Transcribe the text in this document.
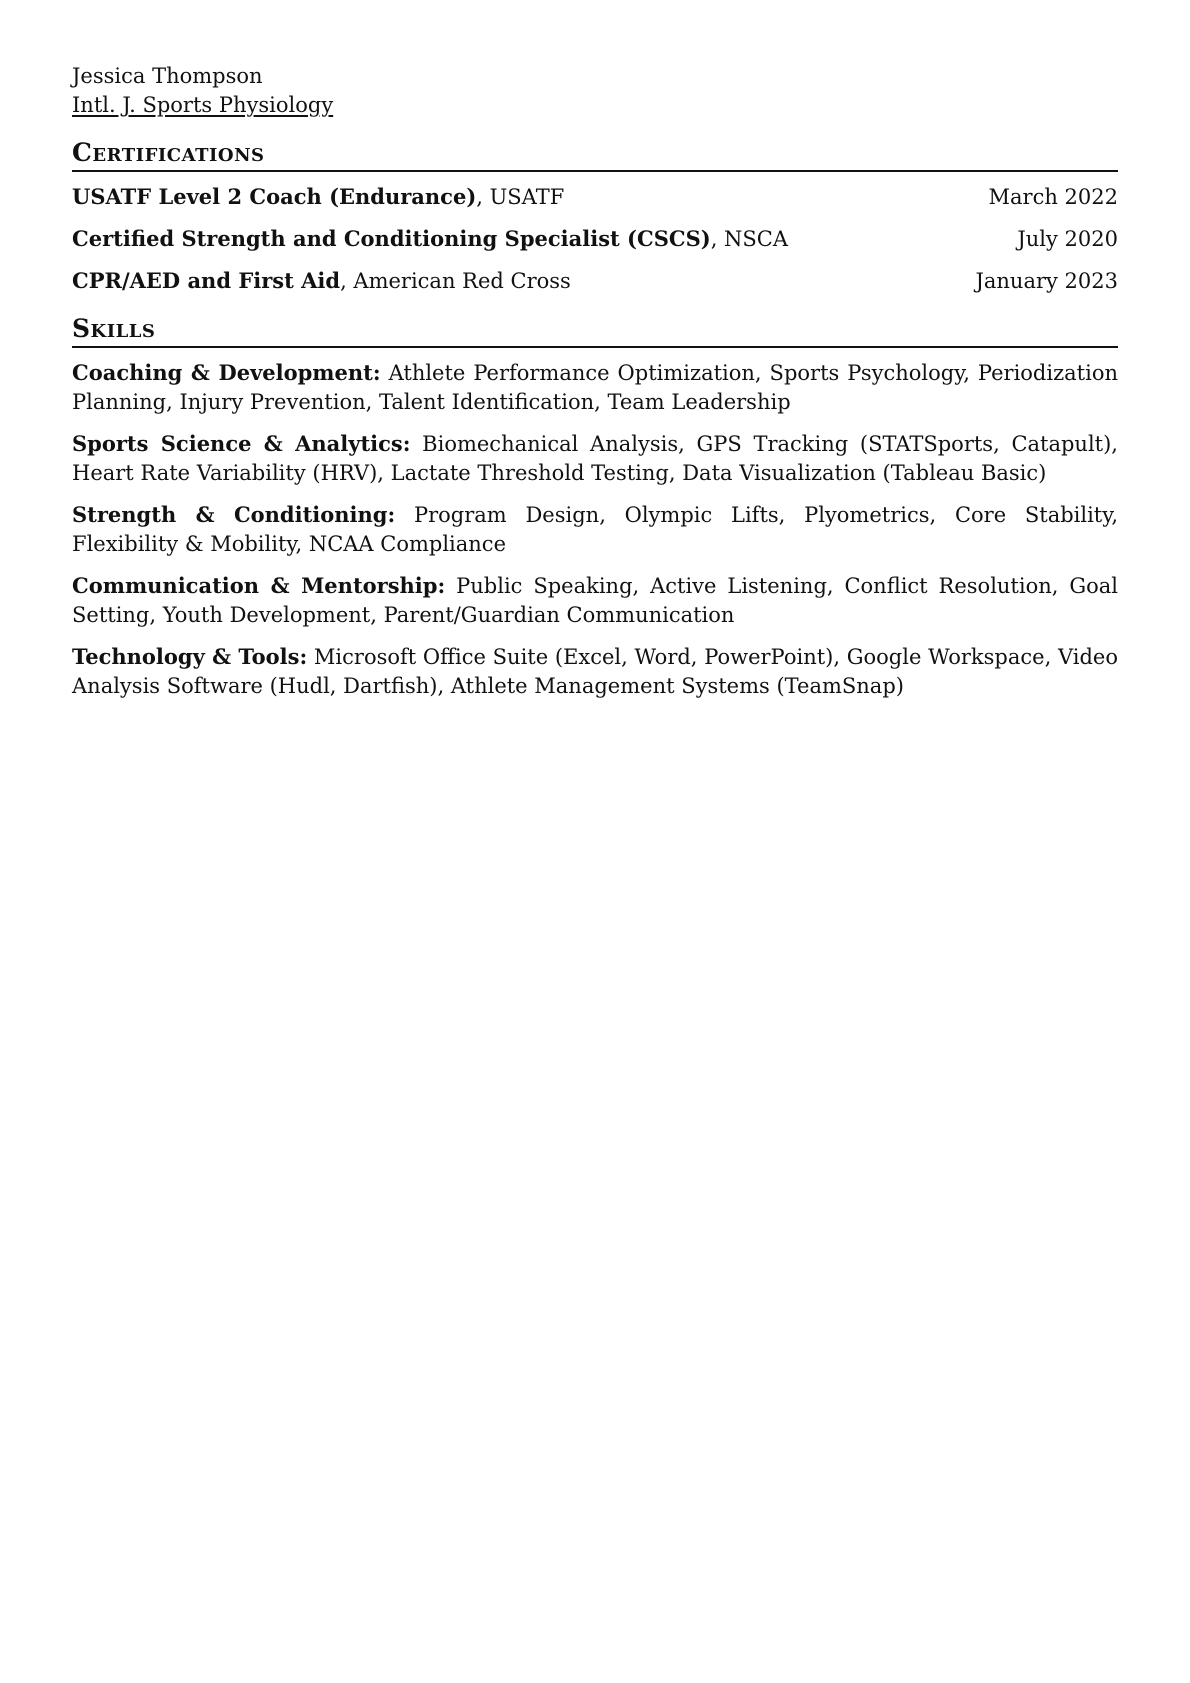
Jessica Thompson

Intl. J. Sports Physiology
Certifications
USATF Level 2 Coach (Endurance), USATF	March 2022
Certified Strength and Conditioning Specialist (CSCS), NSCA	July 2020
CPR/AED and First Aid, American Red Cross	January 2023
Skills

Coaching & Development: Athlete Performance Optimization, Sports Psychology, Periodization Planning, Injury Prevention, Talent Identification, Team Leadership

Sports Science & Analytics: Biomechanical Analysis, GPS Tracking (STATSports, Catapult), Heart Rate Variability (HRV), Lactate Threshold Testing, Data Visualization (Tableau Basic)

Strength & Conditioning: Program Design, Olympic Lifts, Plyometrics, Core Stability, Flexibility & Mobility, NCAA Compliance

Communication & Mentorship: Public Speaking, Active Listening, Conflict Resolution, Goal Setting, Youth Development, Parent/Guardian Communication

Technology & Tools: Microsoft Office Suite (Excel, Word, PowerPoint), Google Workspace, Video Analysis Software (Hudl, Dartfish), Athlete Management Systems (TeamSnap)
